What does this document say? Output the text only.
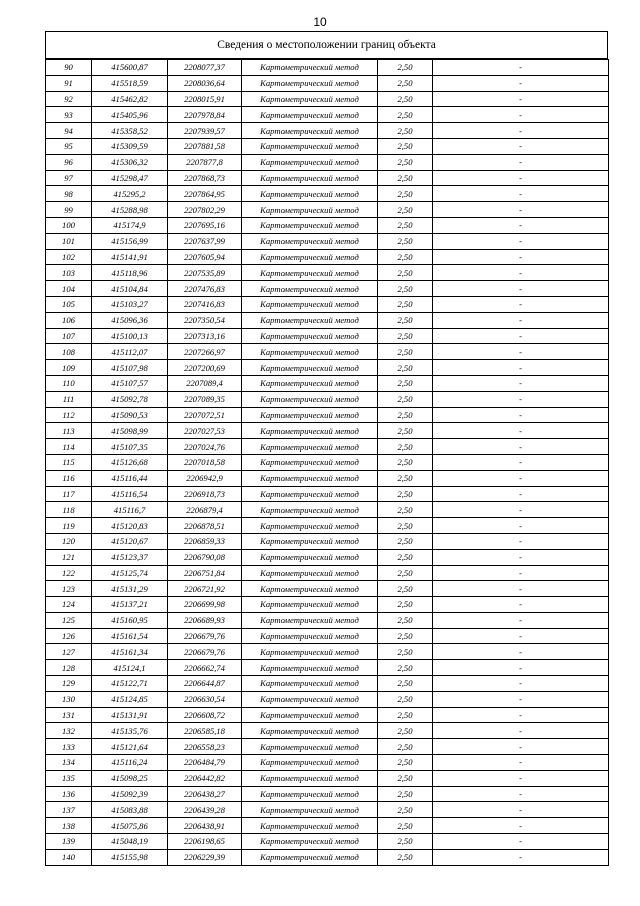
10
Сведения о местоположении границ объекта
90	415600,87	2208077,37	Картометрический метод	2,50	-
91	415518,59	2208036,64	Картометрический метод	2,50	-
92	415462,82	2208015,91	Картометрический метод	2,50	-
93	415405,96	2207978,84	Картометрический метод	2,50	-
94	415358,52	2207939,57	Картометрический метод	2,50	-
95	415309,59	2207881,58	Картометрический метод	2,50	-
96	415306,32	2207877,8	Картометрический метод	2,50	-
97	415298,47	2207868,73	Картометрический метод	2,50	-
98	415295,2	2207864,95	Картометрический метод	2,50	-
99	415288,98	2207802,29	Картометрический метод	2,50	-
100	415174,9	2207695,16	Картометрический метод	2,50	-
101	415156,99	2207637,99	Картометрический метод	2,50	-
102	415141,91	2207605,94	Картометрический метод	2,50	-
103	415118,96	2207535,89	Картометрический метод	2,50	-
104	415104,84	2207476,83	Картометрический метод	2,50	-
105	415103,27	2207416,83	Картометрический метод	2,50	-
106	415096,36	2207350,54	Картометрический метод	2,50	-
107	415100,13	2207313,16	Картометрический метод	2,50	-
108	415112,07	2207266,97	Картометрический метод	2,50	-
109	415107,98	2207200,69	Картометрический метод	2,50	-
110	415107,57	2207089,4	Картометрический метод	2,50	-
111	415092,78	2207089,35	Картометрический метод	2,50	-
112	415090,53	2207072,51	Картометрический метод	2,50	-
113	415098,99	2207027,53	Картометрический метод	2,50	-
114	415107,35	2207024,76	Картометрический метод	2,50	-
115	415126,68	2207018,58	Картометрический метод	2,50	-
116	415116,44	2206942,9	Картометрический метод	2,50	-
117	415116,54	2206918,73	Картометрический метод	2,50	-
118	415116,7	2206879,4	Картометрический метод	2,50	-
119	415120,83	2206878,51	Картометрический метод	2,50	-
120	415120,67	2206859,33	Картометрический метод	2,50	-
121	415123,37	2206790,08	Картометрический метод	2,50	-
122	415125,74	2206751,84	Картометрический метод	2,50	-
123	415131,29	2206721,92	Картометрический метод	2,50	-
124	415137,21	2206699,98	Картометрический метод	2,50	-
125	415160,95	2206689,93	Картометрический метод	2,50	-
126	415161,54	2206679,76	Картометрический метод	2,50	-
127	415161,34	2206679,76	Картометрический метод	2,50	-
128	415124,1	2206662,74	Картометрический метод	2,50	-
129	415122,71	2206644,87	Картометрический метод	2,50	-
130	415124,85	2206630,54	Картометрический метод	2,50	-
131	415131,91	2206608,72	Картометрический метод	2,50	-
132	415135,76	2206585,18	Картометрический метод	2,50	-
133	415121,64	2206558,23	Картометрический метод	2,50	-
134	415116,24	2206484,79	Картометрический метод	2,50	-
135	415098,25	2206442,82	Картометрический метод	2,50	-
136	415092,39	2206438,27	Картометрический метод	2,50	-
137	415083,88	2206439,28	Картометрический метод	2,50	-
138	415075,86	2206438,91	Картометрический метод	2,50	-
139	415048,19	2206198,65	Картометрический метод	2,50	-
140	415155,98	2206229,39	Картометрический метод	2,50	-
